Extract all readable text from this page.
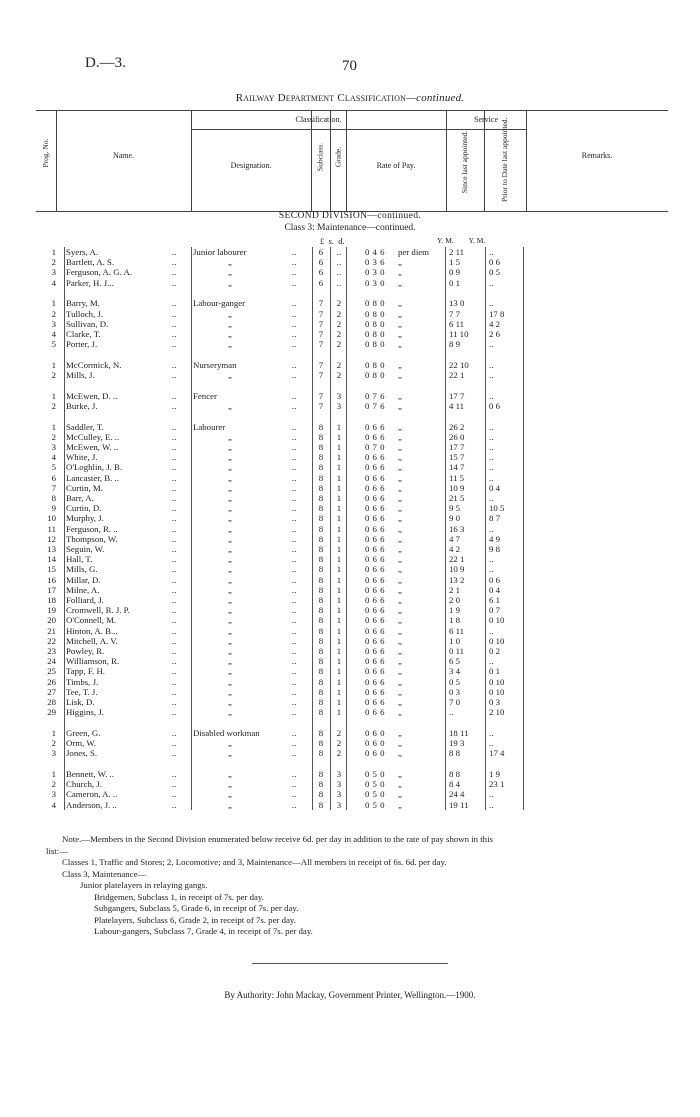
D.—3.	70
Railway Department Classification—continued.
Prog. No.	Name.
Classification.
Designation.	Subclass. Grade.	Rate of Pay.
Service
Since last appointed.	Prior to Date last appointed.	Remarks.
SECOND DIVISION—continued.
Class 3: Maintenance—continued.
£ s. d.	Y. M. Y. M.
1 Syers, A.	.. Junior labourer	..	6	..	0 4 6	per diem	2 11	..
2 Bartlett, A. S.	..	„	..	6	..	0 3 6	„	1 5	0 6
3 Ferguson, A. G. A.	..	„	..	6	..	0 3 0	„	0 9	0 5
4 Parker, H. J...	..	„	..	6	..	0 3 0	„	0 1	..
1 Barry, M.	.. Labour-ganger	..	7	2	0 8 0	„	13 0	..
2 Tulloch, J.	..	„	..	7	2	0 8 0	„	7 7	17 8
3 Sullivan, D.	..	„	..	7	2	0 8 0	„	6 11	4 2
4 Clarke, T.	..	„	..	7	2	0 8 0	„	11 10	2 6
5 Porter, J.	..	„	..	7	2	0 8 0	„	8 9	..
1 McCormick, N.	.. Nurseryman	..	7	2	0 8 0	„	22 10	..
2 Mills, J.	..	„	..	7	2	0 8 0	„	22 1	..
1 McEwen, D. ..	.. Fencer	..	7	3	0 7 6	„	17 7	..
2 Burke, J.	..	„	..	7	3	0 7 6	„	4 11	0 6
1 Saddler, T.	.. Labourer	..	8	1	0 6 6	„	26 2	..
2 McCulley, E. ..	..	„	..	8	1	0 6 6	„	26 0	..
3 McEwen, W. ..	..	„	..	8	1	0 7 0	„	17 7	..
4 White, J.	..	„	..	8	1	0 6 6	„	15 7	..
5 O'Loghlin, J. B.	..	„	..	8	1	0 6 6	„	14 7	..
6 Lancaster, B. ..	..	„	..	8	1	0 6 6	„	11 5	..
7 Curtin, M.	..	„	..	8	1	0 6 6	„	10 9	0 4
8 Barr, A.	..	„	..	8	1	0 6 6	„	21 5	..
9 Curtin, D.	..	„	..	8	1	0 6 6	„	9 5	10 5
10 Murphy, J.	..	„	..	8	1	0 6 6	„	9 0	8 7
11 Ferguson, R. ..	..	„	..	8	1	0 6 6	„	16 3	..
12 Thompson, W.	..	„	..	8	1	0 6 6	„	4 7	4 9
13 Seguin, W.	..	„	..	8	1	0 6 6	„	4 2	9 8
14 Hall, T.	..	„	..	8	1	0 6 6	„	22 1	..
15 Mills, G.	..	„	..	8	1	0 6 6	„	10 9	..
16 Millar, D.	..	„	..	8	1	0 6 6	„	13 2	0 6
17 Milne, A.	..	„	..	8	1	0 6 6	„	2 1	0 4
18 Folliard, J.	..	„	..	8	1	0 6 6	„	2 0	6 1
19 Cromwell, R. J. P.	..	„	..	8	1	0 6 6	„	1 9	0 7
20 O'Connell, M.	..	„	..	8	1	0 6 6	„	1 8	0 10
21 Hinton, A. B...	..	„	..	8	1	0 6 6	„	6 11	..
22 Mitchell, A. V.	..	„	..	8	1	0 6 6	„	1 0	0 10
23 Powley, R.	..	„	..	8	1	0 6 6	„	0 11	0 2
24 Williamson, R.	..	„	..	8	1	0 6 6	„	6 5	..
25 Tapp, F. H.	..	„	..	8	1	0 6 6	„	3 4	0 1
26 Timbs, J.	..	„	..	8	1	0 6 6	„	0 5	0 10
27 Tee, T. J.	..	„	..	8	1	0 6 6	„	0 3	0 10
28 Lisk, D.	..	„	..	8	1	0 6 6	„	7 0	0 3
29 Higgins, J.	..	„	..	8	1	0 6 6	„	..	2 10
1 Green, G.	.. Disabled workman	..	8	2	0 6 0	„	18 11	..
2 Orm, W.	..	„	..	8	2	0 6 0	„	19 3	..
3 Jones, S.	..	„	..	8	2	0 6 0	„	8 8	17 4
1 Bennett, W. ..	..	„	..	8	3	0 5 0	„	8 8	1 9
2 Church, J.	..	„	..	8	3	0 5 0	„	8 4	23 1
3 Cameron, A. ..	..	„	..	8	3	0 5 0	„	24 4	..
4 Anderson, J. ..	..	„	..	8	3	0 5 0	„	19 11	..
Note.—Members in the Second Division enumerated below receive 6d. per day in addition to the rate of pay shown in this
list:—
Classes 1, Traffic and Stores; 2, Locomotive; and 3, Maintenance—All members in receipt of 6s. 6d. per day.
Class 3, Maintenance—
Junior platelayers in relaying gangs.
Bridgemen, Subclass 1, in receipt of 7s. per day.
Subgangers, Subclass 5, Grade 6, in receipt of 7s. per day.
Platelayers, Subclass 6, Grade 2, in receipt of 7s. per day.
Labour-gangers, Subclass 7, Grade 4, in receipt of 7s. per day.
By Authority: John Mackay, Government Printer, Wellington.—1900.
